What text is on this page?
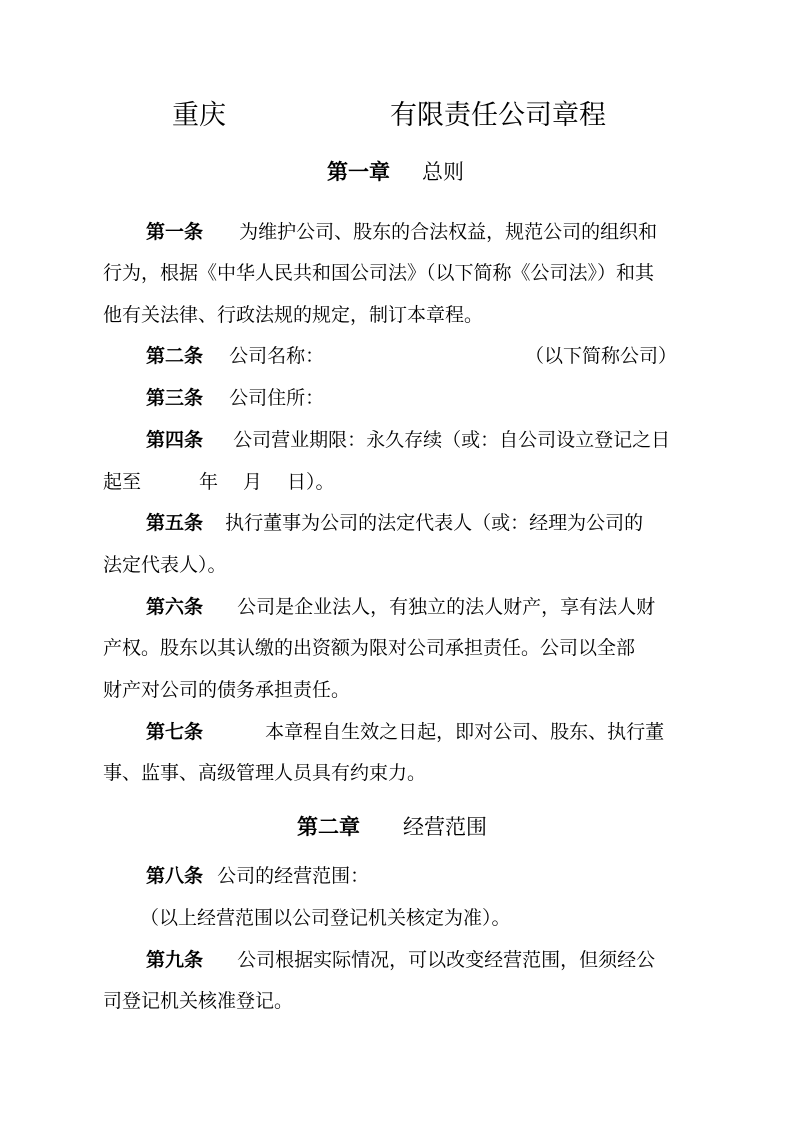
重庆	有限责任公司章程
第一章 总则
第一条 为维护公司、股东的合法权益，规范公司的组织和
行为，根据《中华人民共和国公司法》（以下简称《公司法》）和其
他有关法律、行政法规的规定，制订本章程。
第二条 公司名称：	（以下简称公司）
第三条 公司住所：
第四条 公司营业期限：永久存续（或：自公司设立登记之日
起至	年 月 日）。
第五条 执行董事为公司的法定代表人（或：经理为公司的
法定代表人）。
第六条 公司是企业法人，有独立的法人财产，享有法人财
产权。股东以其认缴的出资额为限对公司承担责任。公司以全部
财产对公司的债务承担责任。
第七条	本章程自生效之日起，即对公司、股东、执行董
事、监事、高级管理人员具有约束力。
第二章 经营范围
第八条 公司的经营范围：
（以上经营范围以公司登记机关核定为准）。
第九条 公司根据实际情况，可以改变经营范围，但须经公
司登记机关核准登记。
